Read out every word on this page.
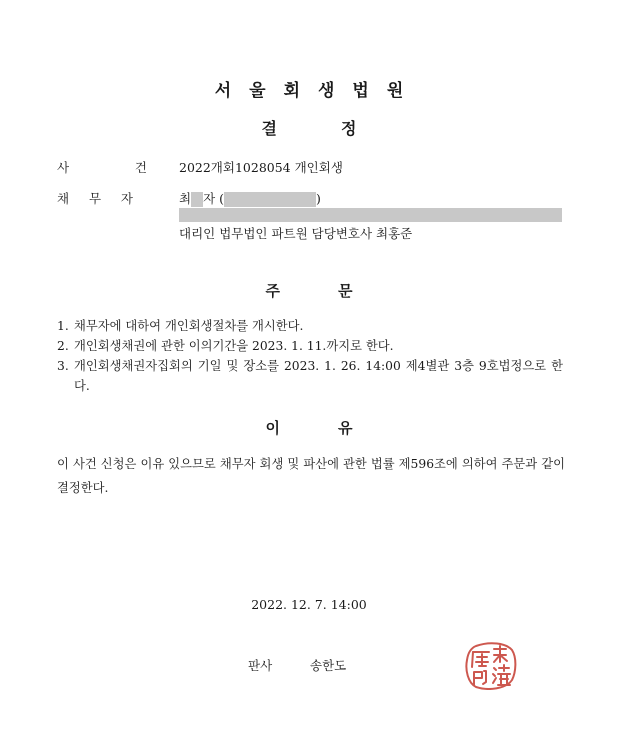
서울회생법원
결정
사	건	2022개회1028054 개인회생
채 무 자	최 자 (	)
대리인 법무법인 파트원 담당변호사 최홍준
주문
1. 채무자에 대하여 개인회생절차를 개시한다.
2. 개인회생채권에 관한 이의기간을 2023. 1. 11.까지로 한다.
3. 개인회생채권자집회의 기일 및 장소를 2023. 1. 26. 14:00 제4별관 3층 9호법정으로 한다.
이유
이 사건 신청은 이유 있으므로 채무자 회생 및 파산에 관한 법률 제596조에 의하여 주문과 같이 결정한다.
2022. 12. 7. 14:00
판사	송한도
